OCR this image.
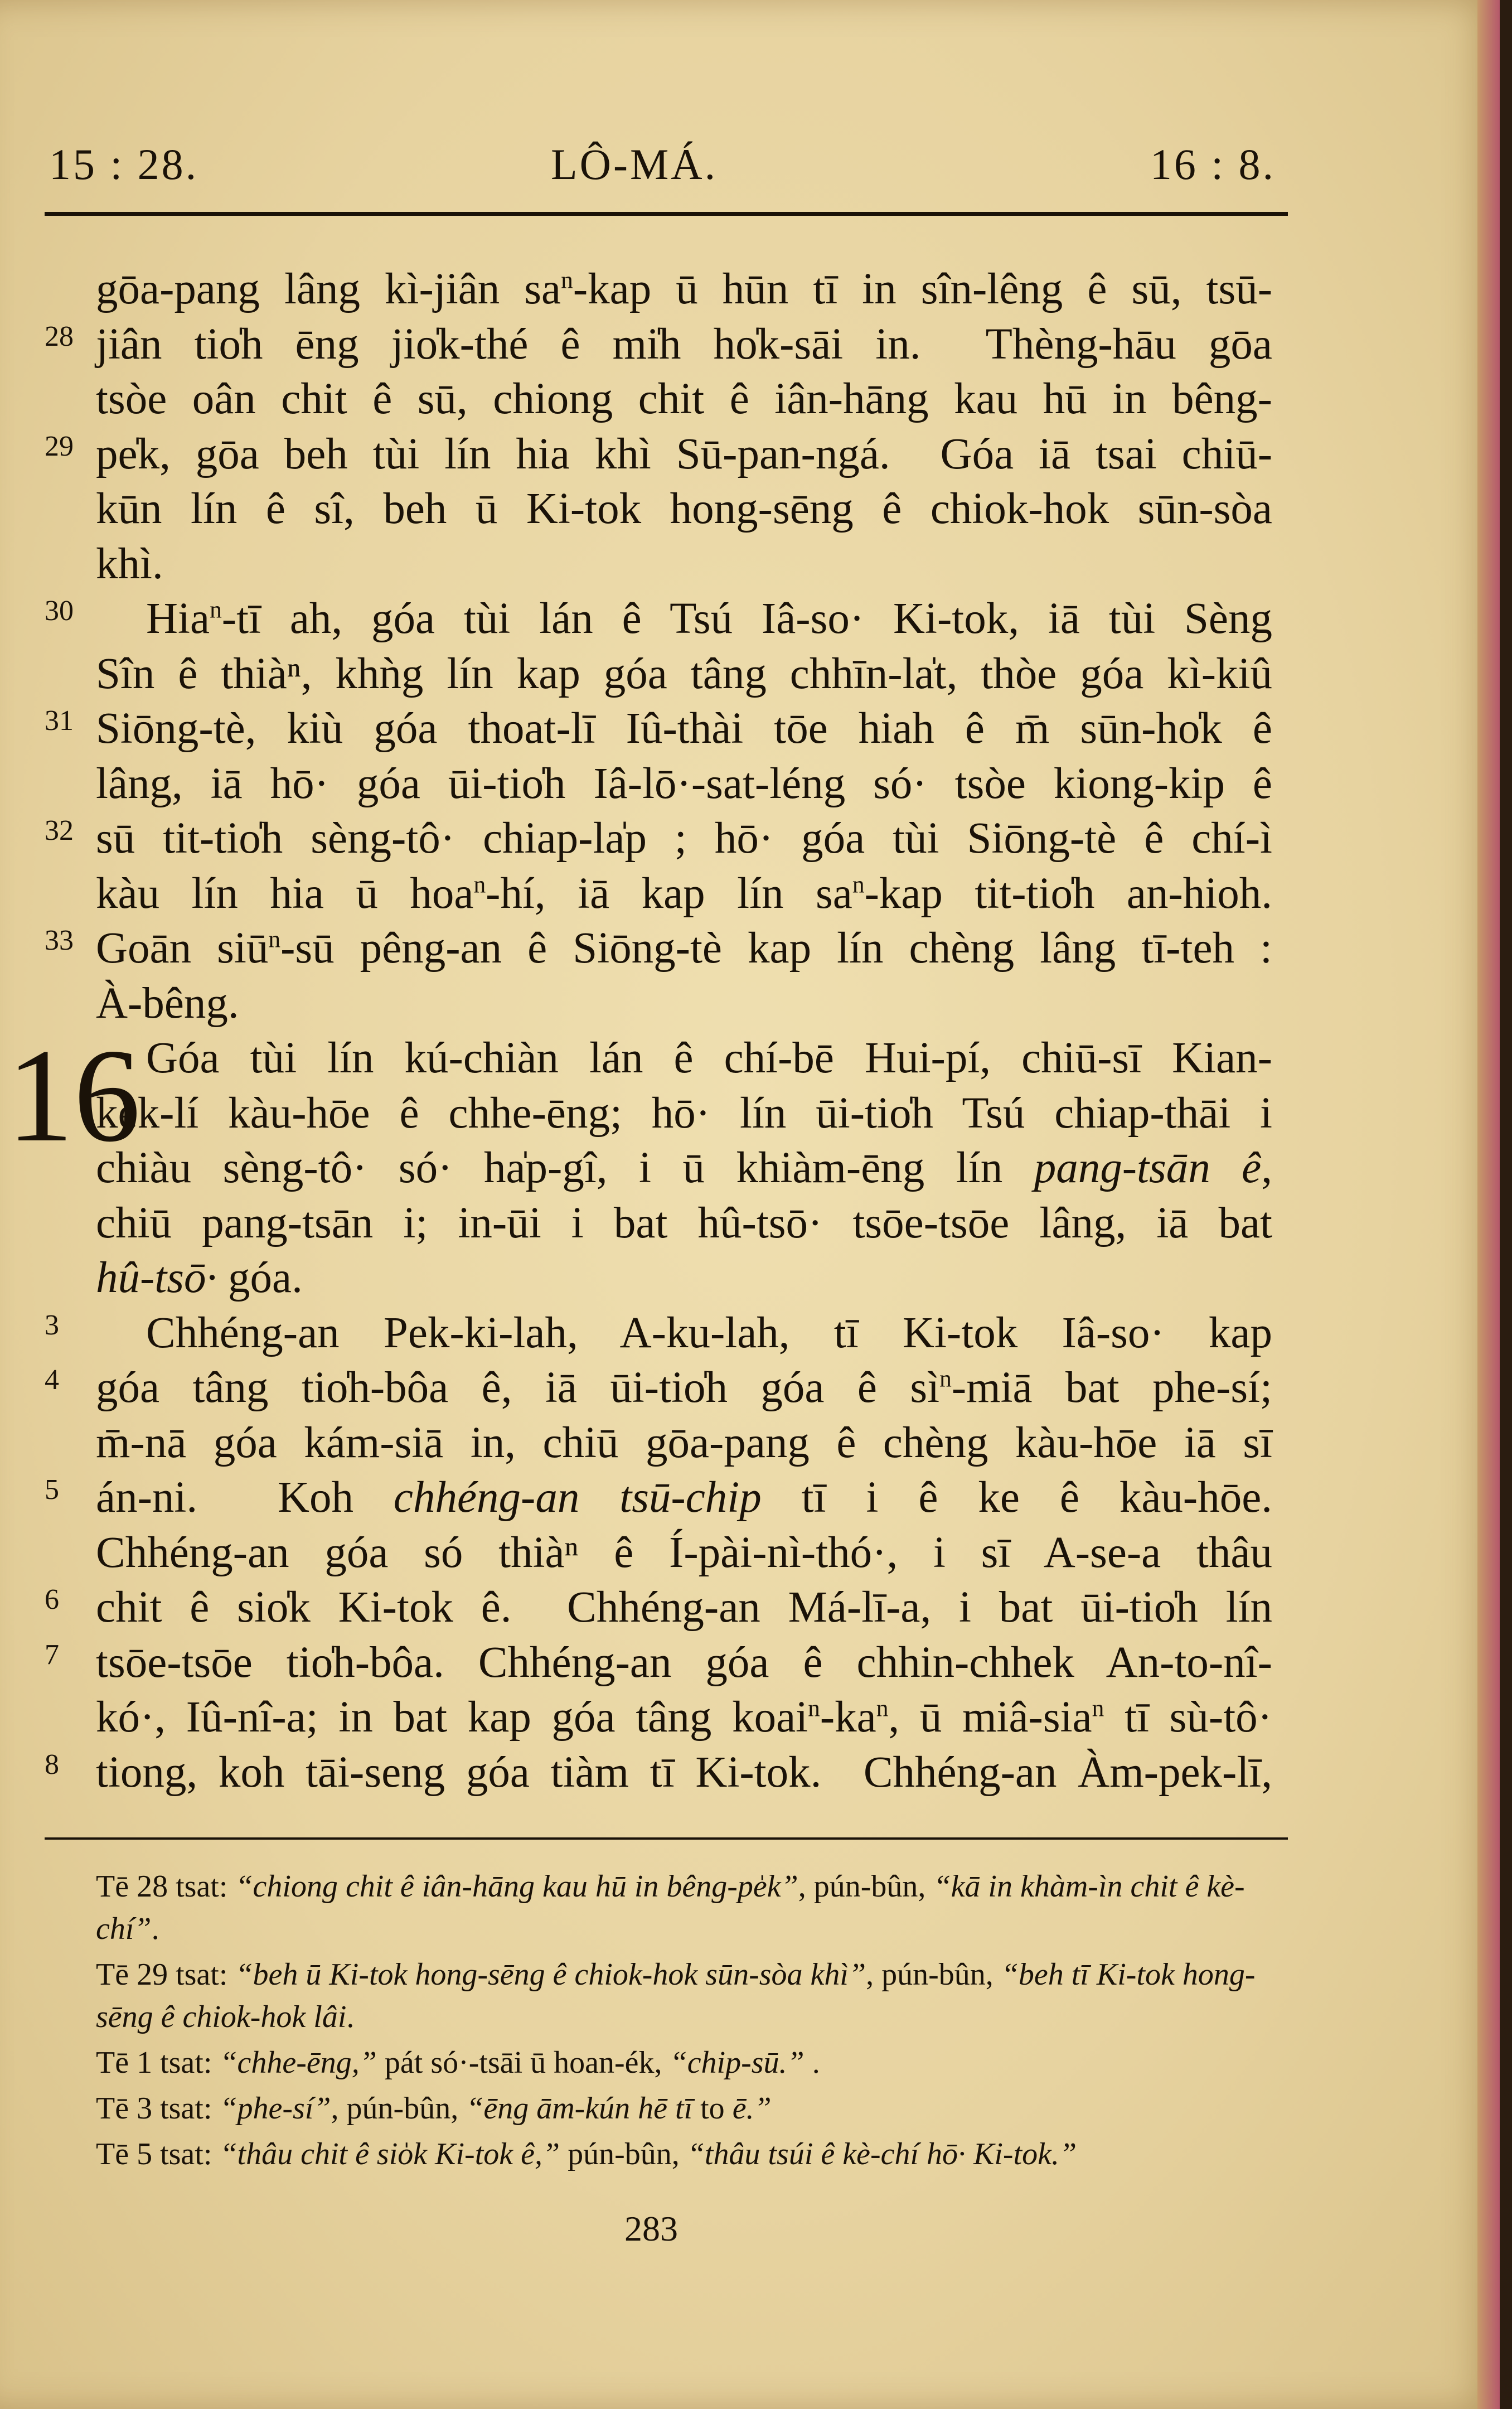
15 : 28.	LÔ-MÁ.	16 : 8.
gōa-pang lâng kì-jiân $sa^n$-kap ū hūn tī in sîn-lêng ê sū, tsū-
28 jiân tio̍h ēng jio̍k-thé ê mi̍h ho̍k-sāi in.  Thèng-hāu gōa
tsòe oân chit ê sū, chiong chit ê iân-hāng kau hū in bêng-
29 pe̍k, gōa beh tùi lín hia khì Sū-pan-ngá.  Góa iā tsai chiū-
kūn lín ê sî, beh ū Ki-tok hong-sēng ê chiok-hok sūn-sòa
khì.
30	Hia$^n$-tī ah, góa tùi lán ê Tsú Iâ-so· Ki-tok, iā tùi Sèng
Sîn ê thiàⁿ, khǹg lín kap góa tâng chhīn-la̍t, thòe góa kì-kiû
31 Siōng-tè, kiù góa thoat-lī Iû-thài tōe hiah ê m̄ sūn-ho̍k ê
lâng, iā hō· góa ūi-tio̍h Iâ-lō·-sat-léng só· tsòe kiong-kip ê
32 sū tit-tio̍h sèng-tô· chiap-la̍p ; hō· góa tùi Siōng-tè ê chí-ì
kàu lín hia ū hoa$^n$-hí, iā kap lín $sa^n$-kap tit-tio̍h an-hioh.
33 Goān siū$^n$-sū pêng-an ê Siōng-tè kap lín chèng lâng tī-teh :
À-bêng.
16 Góa tùi lín kú-chiàn lán ê chí-bē Hui-pí, chiū-sī Kian-
kek-lí kàu-hōe ê chhe-ēng; hō· lín ūi-tio̍h Tsú chiap-thāi i
chiàu sèng-tô· só· ha̍p-gî, i ū khiàm-ēng lín pang-tsān ê,
chiū pang-tsān i; in-ūi i bat hû-tsō· tsōe-tsōe lâng, iā bat
hû-tsō· góa.
3	Chhéng-an Pek-ki-lah, A-ku-lah, tī Ki-tok Iâ-so· kap
4 góa tâng tio̍h-bôa ê, iā ūi-tio̍h góa ê $sì^n$-miā bat phe-sí;
m̄-nā góa kám-siā in, chiū gōa-pang ê chèng kàu-hōe iā sī
5 án-ni.  Koh chhéng-an tsū-chip tī i ê ke ê kàu-hōe.
Chhéng-an góa só thiàⁿ ê Í-pài-nì-thó·, i sī A-se-a thâu
6 chit ê sio̍k Ki-tok ê.  Chhéng-an Má-lī-a, i bat ūi-tio̍h lín
7 tsōe-tsōe tio̍h-bôa. Chhéng-an góa ê chhin-chhek An-to-nî-
kó·, Iû-nî-a; in bat kap góa tâng $koai^n-ka^n$, ū miâ-sia$^n$ tī sù-tô·
8 tiong, koh tāi-seng góa tiàm tī Ki-tok.  Chhéng-an Àm-pek-lī,
Tē 28 tsat: “chiong chit ê iân-hāng kau hū in bêng-pe̍k”, pún-bûn, “kā in khàm-ìn chit ê kè-chí”.
Tē 29 tsat: “beh ū Ki-tok hong-sēng ê chiok-hok sūn-sòa khì”, pún-bûn, “beh tī Ki-tok hong-sēng ê chiok-hok lâi.
Tē 1 tsat: “chhe-ēng,” pát só·-tsāi ū hoan-ék, “chip-sū.” .
Tē 3 tsat: “phe-sí”, pún-bûn, “ēng ām-kún hē tī to ē.”
Tē 5 tsat: “thâu chit ê sio̍k Ki-tok ê,” pún-bûn, “thâu tsúi ê kè-chí hō· Ki-tok.”
283
